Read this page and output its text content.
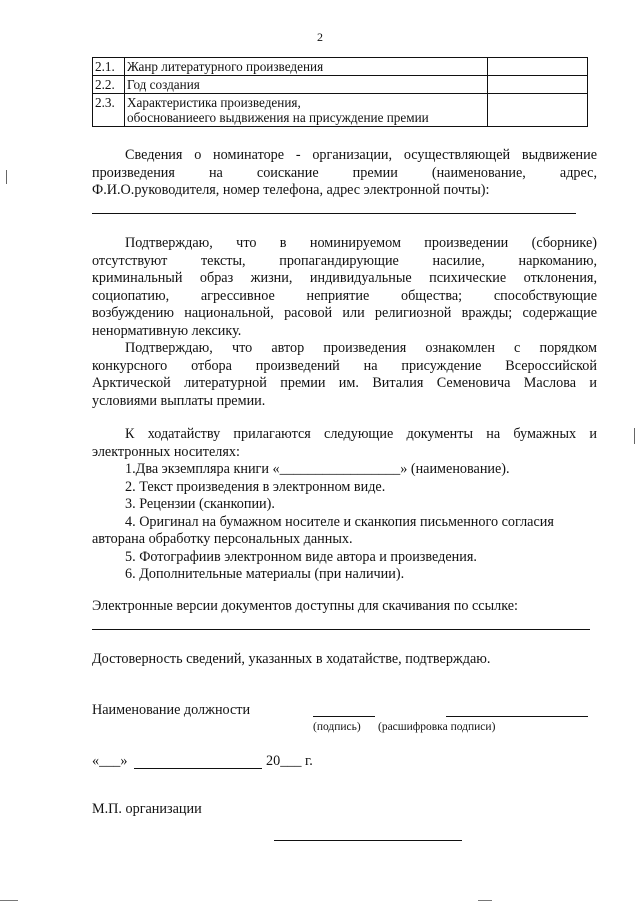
2
2.1.	Жанр литературного произведения	
2.2.	Год создания	
2.3.	Характеристика произведения,
обоснованиеего выдвижения на присуждение премии	

Сведения о номинаторе - организации, осуществляющей выдвижение
произведения на соискание премии (наименование, адрес,
Ф.И.О.руководителя, номер телефона, адрес электронной почты):
Подтверждаю, что в номинируемом произведении (сборнике)
отсутствуют тексты, пропагандирующие насилие, наркоманию,
криминальный образ жизни, индивидуальные психические отклонения,
социопатию, агрессивное неприятие общества; способствующие
возбуждению национальной, расовой или религиозной вражды; содержащие
ненормативную лексику.
Подтверждаю, что автор произведения ознакомлен с порядком
конкурсного отбора произведений на присуждение Всероссийской
Арктической литературной премии им. Виталия Семеновича Маслова и
условиями выплаты премии.
К ходатайству прилагаются следующие документы на бумажных и
электронных носителях:
1.Два экземпляра книги «_________________» (наименование).
2. Текст произведения в электронном виде.
3. Рецензии (сканкопии).
4. Оригинал на бумажном носителе и сканкопия письменного согласия
авторана обработку персональных данных.
5. Фотографиив электронном виде автора и произведения.
6. Дополнительные материалы (при наличии).
Электронные версии документов доступны для скачивания по ссылке:
Достоверность сведений, указанных в ходатайстве, подтверждаю.
Наименование должности
(подпись) (расшифровка подписи)
«___»	20___ г.
М.П. организации
